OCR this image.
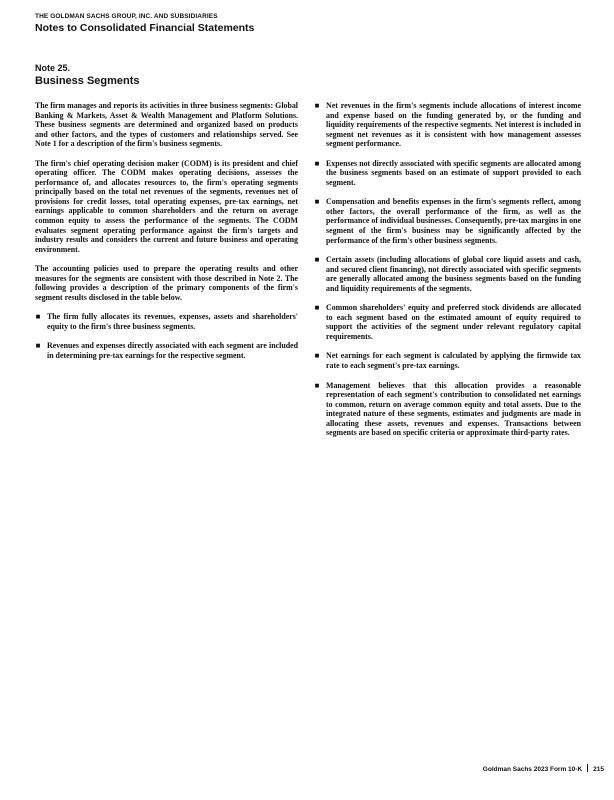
THE GOLDMAN SACHS GROUP, INC. AND SUBSIDIARIES
Notes to Consolidated Financial Statements
Note 25.
Business Segments

The firm manages and reports its activities in three business segments: Global Banking & Markets, Asset & Wealth Management and Platform Solutions. These business segments are determined and organized based on products and other factors, and the types of customers and relationships served. See Note 1 for a description of the firm's business segments.

The firm's chief operating decision maker (CODM) is its president and chief operating officer. The CODM makes operating decisions, assesses the performance of, and allocates resources to, the firm's operating segments principally based on the total net revenues of the segments, revenues net of provisions for credit losses, total operating expenses, pre-tax earnings, net earnings applicable to common shareholders and the return on average common equity to assess the performance of the segments. The CODM evaluates segment operating performance against the firm's targets and industry results and considers the current and future business and operating environment.

The accounting policies used to prepare the operating results and other measures for the segments are consistent with those described in Note 2. The following provides a description of the primary components of the firm's segment results disclosed in the table below.

■ The firm fully allocates its revenues, expenses, assets and shareholders' equity to the firm's three business segments.
■ Revenues and expenses directly associated with each segment are included in determining pre-tax earnings for the respective segment.
■ Net revenues in the firm's segments include allocations of interest income and expense based on the funding generated by, or the funding and liquidity requirements of the respective segments. Net interest is included in segment net revenues as it is consistent with how management assesses segment performance.
■ Expenses not directly associated with specific segments are allocated among the business segments based on an estimate of support provided to each segment.
■ Compensation and benefits expenses in the firm's segments reflect, among other factors, the overall performance of the firm, as well as the performance of individual businesses. Consequently, pre-tax margins in one segment of the firm's business may be significantly affected by the performance of the firm's other business segments.
■ Certain assets (including allocations of global core liquid assets and cash, and secured client financing), not directly associated with specific segments are generally allocated among the business segments based on the funding and liquidity requirements of the segments.
■ Common shareholders' equity and preferred stock dividends are allocated to each segment based on the estimated amount of equity required to support the activities of the segment under relevant regulatory capital requirements.
■ Net earnings for each segment is calculated by applying the firmwide tax rate to each segment's pre-tax earnings.
■ Management believes that this allocation provides a reasonable representation of each segment's contribution to consolidated net earnings to common, return on average common equity and total assets. Due to the integrated nature of these segments, estimates and judgments are made in allocating these assets, revenues and expenses. Transactions between segments are based on specific criteria or approximate third-party rates.
Goldman Sachs 2023 Form 10-K 215
